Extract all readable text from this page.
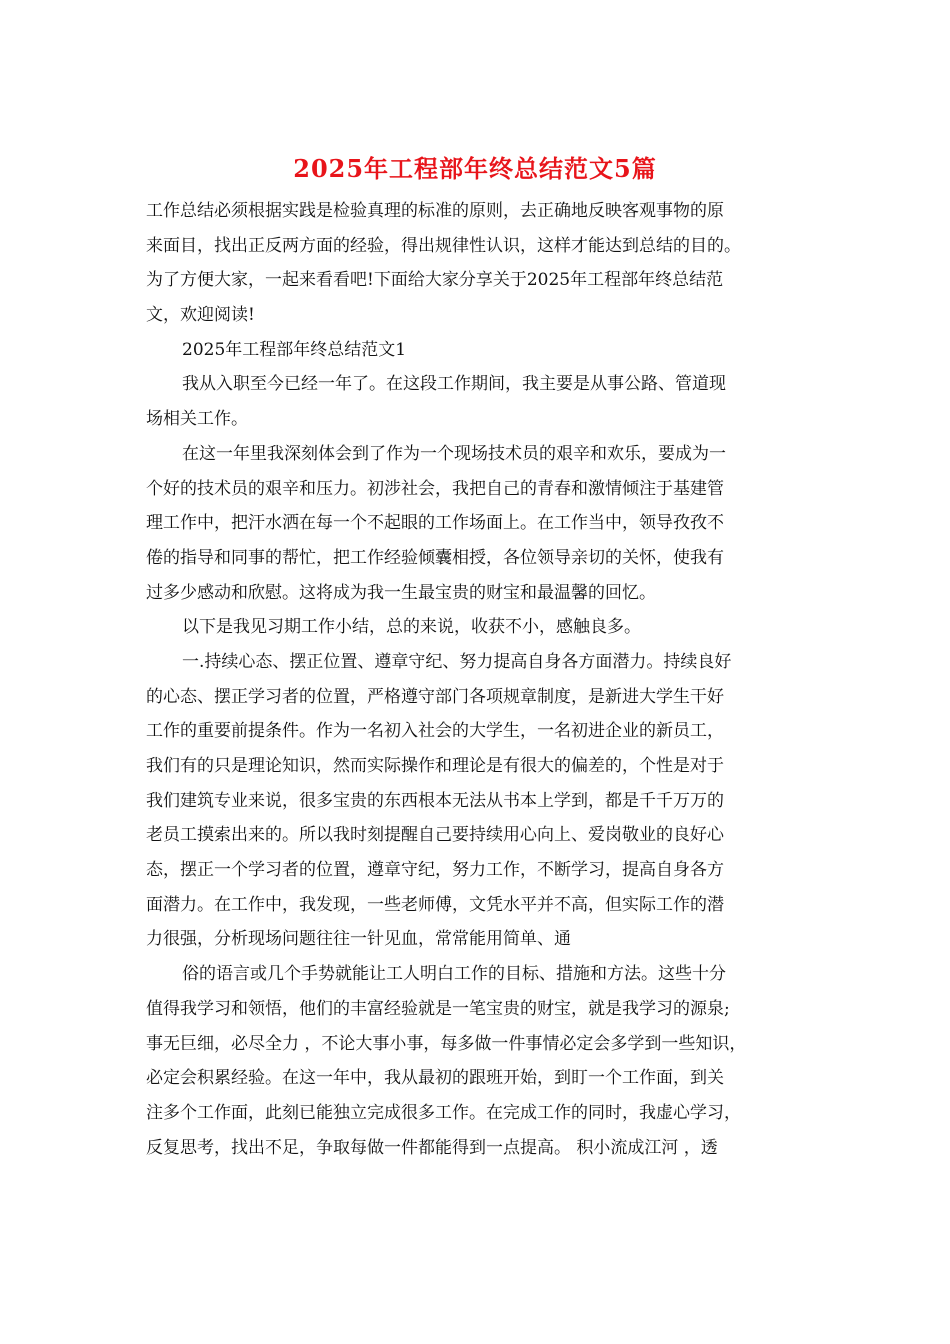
2025年工程部年终总结范文5篇
工作总结必须根据实践是检验真理的标准的原则，去正确地反映客观事物的原
来面目，找出正反两方面的经验，得出规律性认识，这样才能达到总结的目的。
为了方便大家，一起来看看吧!下面给大家分享关于2025年工程部年终总结范
文，欢迎阅读!
2025年工程部年终总结范文1
我从入职至今已经一年了。在这段工作期间，我主要是从事公路、管道现
场相关工作。
在这一年里我深刻体会到了作为一个现场技术员的艰辛和欢乐，要成为一
个好的技术员的艰辛和压力。初涉社会，我把自己的青春和激情倾注于基建管
理工作中，把汗水洒在每一个不起眼的工作场面上。在工作当中，领导孜孜不
倦的指导和同事的帮忙，把工作经验倾囊相授，各位领导亲切的关怀，使我有
过多少感动和欣慰。这将成为我一生最宝贵的财宝和最温馨的回忆。
以下是我见习期工作小结，总的来说，收获不小，感触良多。
一.持续心态、摆正位置、遵章守纪、努力提高自身各方面潜力。持续良好
的心态、摆正学习者的位置，严格遵守部门各项规章制度，是新进大学生干好
工作的重要前提条件。作为一名初入社会的大学生，一名初进企业的新员工，
我们有的只是理论知识，然而实际操作和理论是有很大的偏差的，个性是对于
我们建筑专业来说，很多宝贵的东西根本无法从书本上学到，都是千千万万的
老员工摸索出来的。所以我时刻提醒自己要持续用心向上、爱岗敬业的良好心
态，摆正一个学习者的位置，遵章守纪，努力工作，不断学习，提高自身各方
面潜力。在工作中，我发现，一些老师傅，文凭水平并不高，但实际工作的潜
力很强，分析现场问题往往一针见血，常常能用简单、通
俗的语言或几个手势就能让工人明白工作的目标、措施和方法。这些十分
值得我学习和领悟，他们的丰富经验就是一笔宝贵的财宝，就是我学习的源泉;
事无巨细，必尽全力 ，不论大事小事，每多做一件事情必定会多学到一些知识，
必定会积累经验。在这一年中，我从最初的跟班开始，到盯一个工作面，到关
注多个工作面，此刻已能独立完成很多工作。在完成工作的同时，我虚心学习，
反复思考，找出不足，争取每做一件都能得到一点提高。 积小流成江河 ，透
